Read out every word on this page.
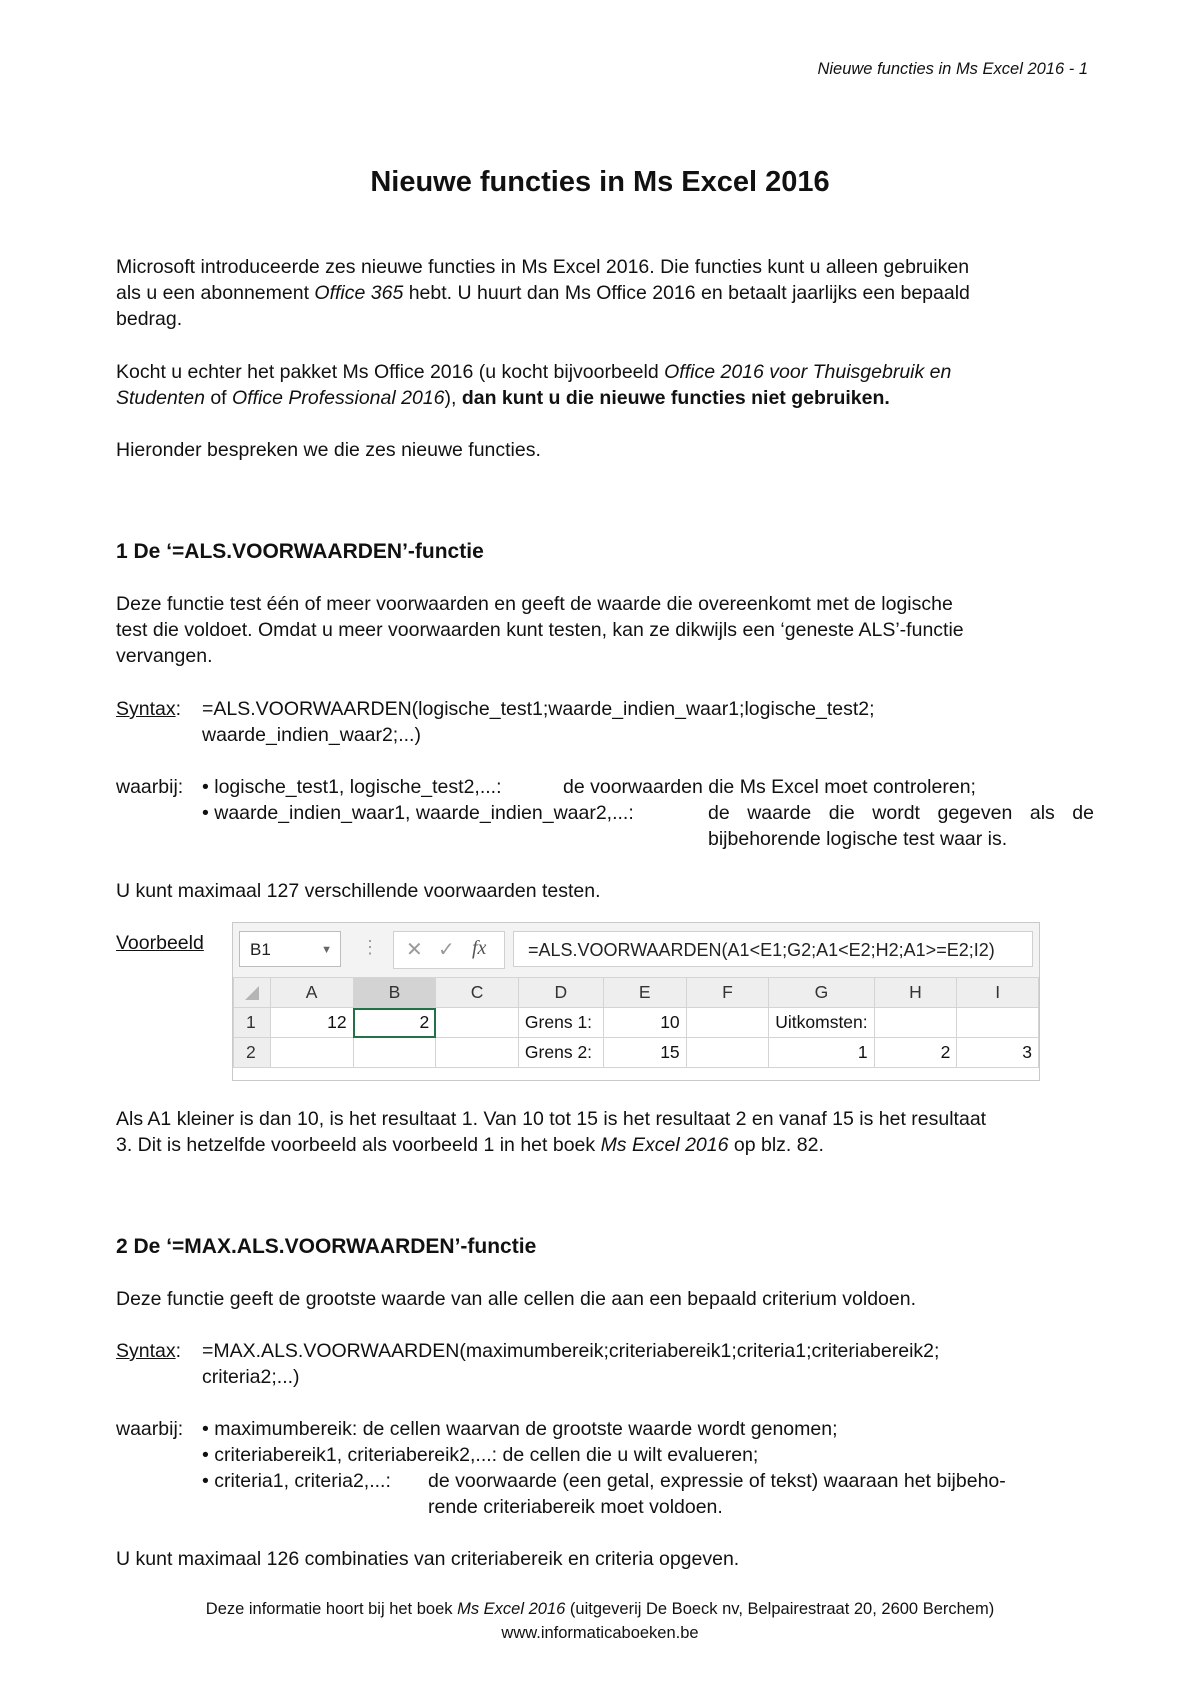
Nieuwe functies in Ms Excel 2016 - 1
Nieuwe functies in Ms Excel 2016
Microsoft introduceerde zes nieuwe functies in Ms Excel 2016. Die functies kunt u alleen gebruiken
als u een abonnement Office 365 hebt. U huurt dan Ms Office 2016 en betaalt jaarlijks een bepaald
bedrag.
Kocht u echter het pakket Ms Office 2016 (u kocht bijvoorbeeld Office 2016 voor Thuisgebruik en
Studenten of Office Professional 2016), dan kunt u die nieuwe functies niet gebruiken.
Hieronder bespreken we die zes nieuwe functies.
1 De ‘=ALS.VOORWAARDEN’-functie
Deze functie test één of meer voorwaarden en geeft de waarde die overeenkomt met de logische
test die voldoet. Omdat u meer voorwaarden kunt testen, kan ze dikwijls een ‘geneste ALS’-functie
vervangen.
Syntax: =ALS.VOORWAARDEN(logische_test1;waarde_indien_waar1;logische_test2;
waarde_indien_waar2;...)
waarbij: • logische_test1, logische_test2,...:	de voorwaarden die Ms Excel moet controleren;
• waarde_indien_waar1, waarde_indien_waar2,...:	de waarde die wordt gegeven als de
bijbehorende logische test waar is.
U kunt maximaal 127 verschillende voorwaarden testen.
Voorbeeld	B1	▼ ⋮ ✕ ✓ fx	=ALS.VOORWAARDEN(A1<E1;G2;A1<E2;H2;A1>=E2;I2)
	A	B	C	D	E	F	G	H	I
1	12	2		Grens 1:	10		Uitkomsten:		
2				Grens 2:	15		1	2	3
Als A1 kleiner is dan 10, is het resultaat 1. Van 10 tot 15 is het resultaat 2 en vanaf 15 is het resultaat
3. Dit is hetzelfde voorbeeld als voorbeeld 1 in het boek Ms Excel 2016 op blz. 82.
2 De ‘=MAX.ALS.VOORWAARDEN’-functie
Deze functie geeft de grootste waarde van alle cellen die aan een bepaald criterium voldoen.
Syntax: =MAX.ALS.VOORWAARDEN(maximumbereik;criteriabereik1;criteria1;criteriabereik2;
criteria2;...)
waarbij: • maximumbereik: de cellen waarvan de grootste waarde wordt genomen;
• criteriabereik1, criteriabereik2,...: de cellen die u wilt evalueren;
• criteria1, criteria2,...: de voorwaarde (een getal, expressie of tekst) waaraan het bijbeho-
rende criteriabereik moet voldoen.
U kunt maximaal 126 combinaties van criteriabereik en criteria opgeven.
Deze informatie hoort bij het boek Ms Excel 2016 (uitgeverij De Boeck nv, Belpairestraat 20, 2600 Berchem)
www.informaticaboeken.be
